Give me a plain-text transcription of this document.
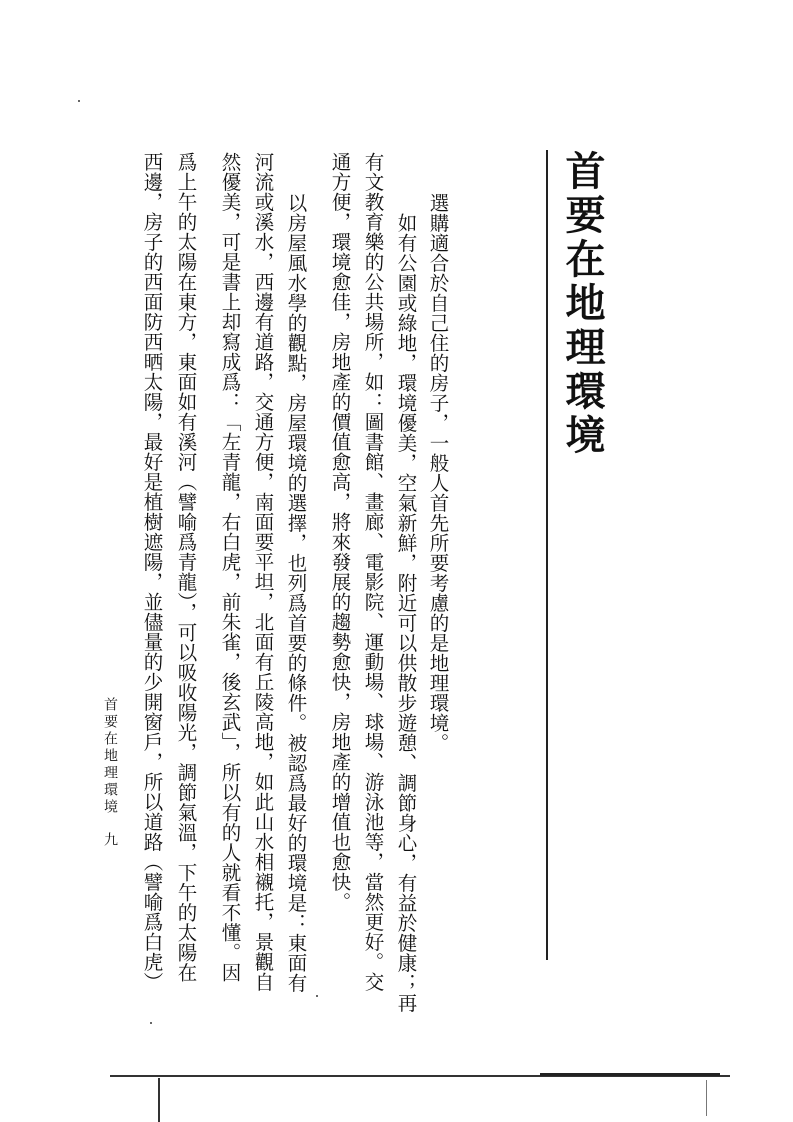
首要在地理環境
選購適合於自己住的房子，一般人首先所要考慮的是地理環境。
如有公園或綠地，環境優美，空氣新鮮，附近可以供散步遊憩、調節身心，有益於健康；再
有文教育樂的公共場所，如：圖書館、畫廊、電影院、運動場、球場、游泳池等，當然更好。交
通方便，環境愈佳，房地產的價值愈高，將來發展的趨勢愈快，房地產的增值也愈快。
以房屋風水學的觀點，房屋環境的選擇，也列爲首要的條件。被認爲最好的環境是：東面有
河流或溪水，西邊有道路，交通方便，南面要平坦，北面有丘陵高地，如此山水相襯托，景觀自
然優美，可是書上却寫成爲：「左青龍，右白虎，前朱雀，後玄武」，所以有的人就看不懂。因
爲上午的太陽在東方，東面如有溪河（譬喻爲青龍），可以吸收陽光，調節氣溫，下午的太陽在
西邊，房子的西面防西晒太陽，最好是植樹遮陽，並儘量的少開窗戶，所以道路（譬喻爲白虎）
首要在地理環境
九
